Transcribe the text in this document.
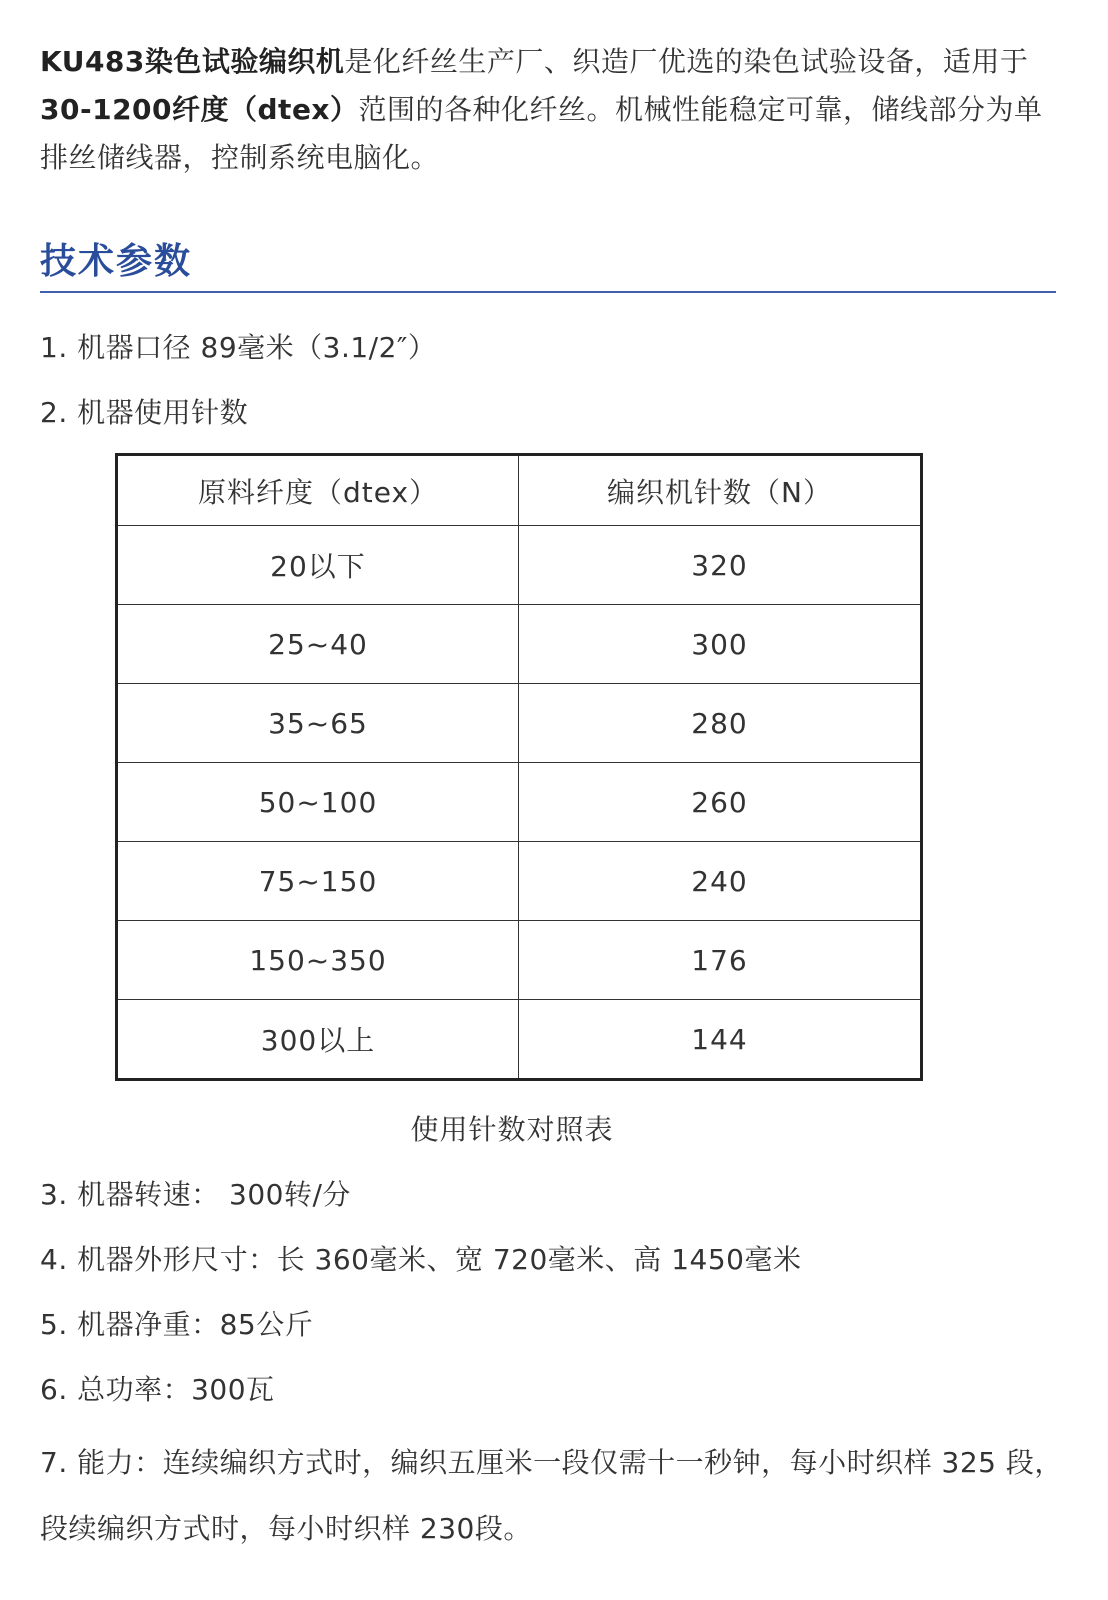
KU483染色试验编织机是化纤丝生产厂、织造厂优选的染色试验设备，适用于30-1200纤度（dtex）范围的各种化纤丝。机械性能稳定可靠，储线部分为单排丝储线器，控制系统电脑化。

技术参数

1. 机器口径 89毫米（3.1/2″）

2. 机器使用针数

原料纤度（dtex）	编织机针数（N）
20以下	320
25~40	300
35~65	280
50~100	260
75~150	240
150~350	176
300以上	144

使用针数对照表

3. 机器转速： 300转/分

4. 机器外形尺寸：长 360毫米、宽 720毫米、高 1450毫米

5. 机器净重：85公斤

6. 总功率：300瓦

7. 能力：连续编织方式时，编织五厘米一段仅需十一秒钟，每小时织样 325 段，段续编织方式时，每小时织样 230段。
